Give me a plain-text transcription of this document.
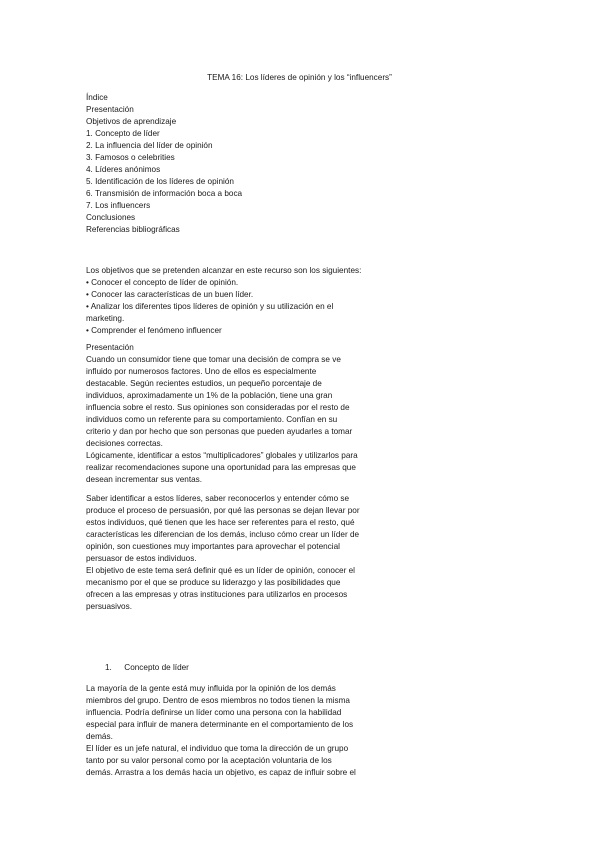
TEMA 16: Los líderes de opinión y los “influencers”

Índice

Presentación

Objetivos de aprendizaje

1. Concepto de líder

2. La influencia del líder de opinión

3. Famosos o celebrities

4. Líderes anónimos

5. Identificación de los líderes de opinión

6. Transmisión de información boca a boca

7. Los influencers

Conclusiones

Referencias bibliográficas

Los objetivos que se pretenden alcanzar en este recurso son los siguientes:

• Conocer el concepto de líder de opinión.

• Conocer las características de un buen líder.

• Analizar los diferentes tipos líderes de opinión y su utilización en el

marketing.

• Comprender el fenómeno influencer

Presentación

Cuando un consumidor tiene que tomar una decisión de compra se ve

influido por numerosos factores. Uno de ellos es especialmente

destacable. Según recientes estudios, un pequeño porcentaje de

individuos, aproximadamente un 1% de la población, tiene una gran

influencia sobre el resto. Sus opiniones son consideradas por el resto de

individuos como un referente para su comportamiento. Confían en su

criterio y dan por hecho que son personas que pueden ayudarles a tomar

decisiones correctas.

Lógicamente, identificar a estos “multiplicadores” globales y utilizarlos para

realizar recomendaciones supone una oportunidad para las empresas que

desean incrementar sus ventas.

Saber identificar a estos líderes, saber reconocerlos y entender cómo se

produce el proceso de persuasión, por qué las personas se dejan llevar por

estos individuos, qué tienen que les hace ser referentes para el resto, qué

características les diferencian de los demás, incluso cómo crear un líder de

opinión, son cuestiones muy importantes para aprovechar el potencial

persuasor de estos individuos.

El objetivo de este tema será definir qué es un líder de opinión, conocer el

mecanismo por el que se produce su liderazgo y las posibilidades que

ofrecen a las empresas y otras instituciones para utilizarlos en procesos

persuasivos.

1. Concepto de líder

La mayoría de la gente está muy influida por la opinión de los demás

miembros del grupo. Dentro de esos miembros no todos tienen la misma

influencia. Podría definirse un líder como una persona con la habilidad

especial para influir de manera determinante en el comportamiento de los

demás.

El líder es un jefe natural, el individuo que toma la dirección de un grupo

tanto por su valor personal como por la aceptación voluntaria de los

demás. Arrastra a los demás hacia un objetivo, es capaz de influir sobre el
